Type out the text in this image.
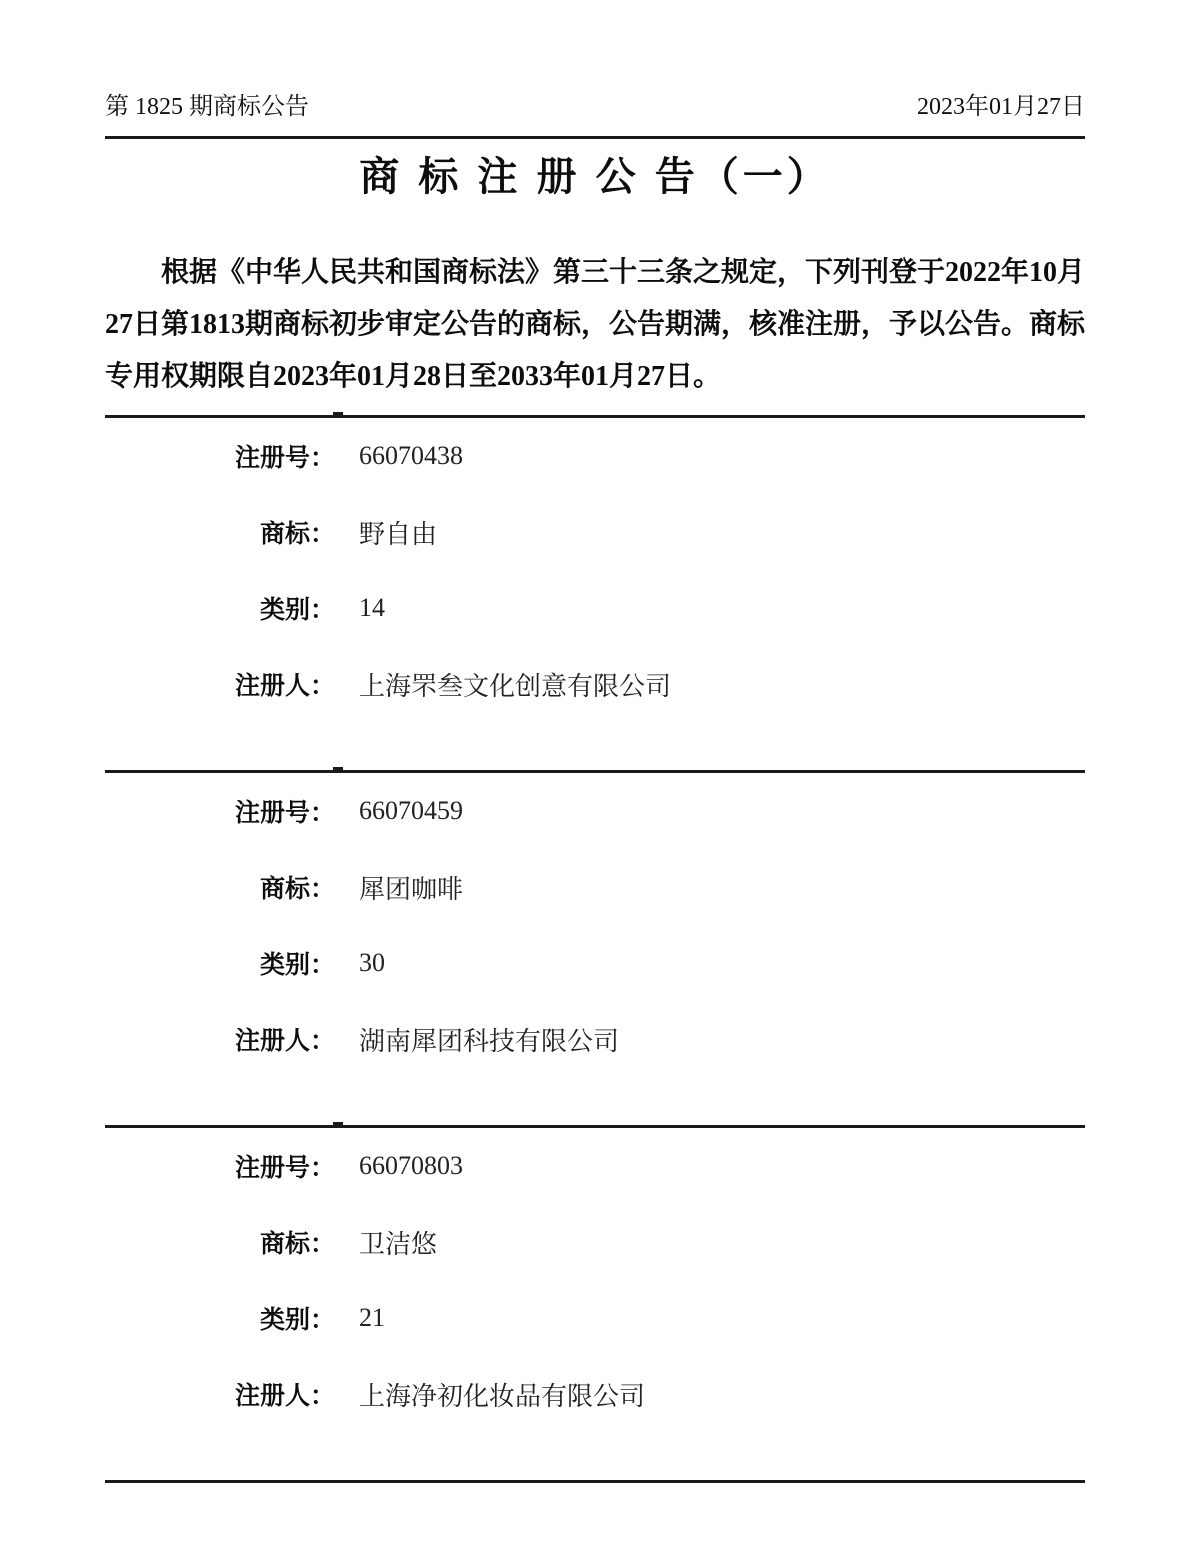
第 1825 期商标公告	2023年01月27日
商 标 注 册 公 告（一）
根据《中华人民共和国商标法》第三十三条之规定，下列刊登于2022年10月27日第1813期商标初步审定公告的商标，公告期满，核准注册，予以公告。商标专用权期限自2023年01月28日至2033年01月27日。
注册号： 66070438
商标： 野自由
类别： 14
注册人： 上海罘叁文化创意有限公司
注册号： 66070459
商标： 犀团咖啡
类别： 30
注册人： 湖南犀团科技有限公司
注册号： 66070803
商标： 卫洁悠
类别： 21
注册人： 上海净初化妆品有限公司
